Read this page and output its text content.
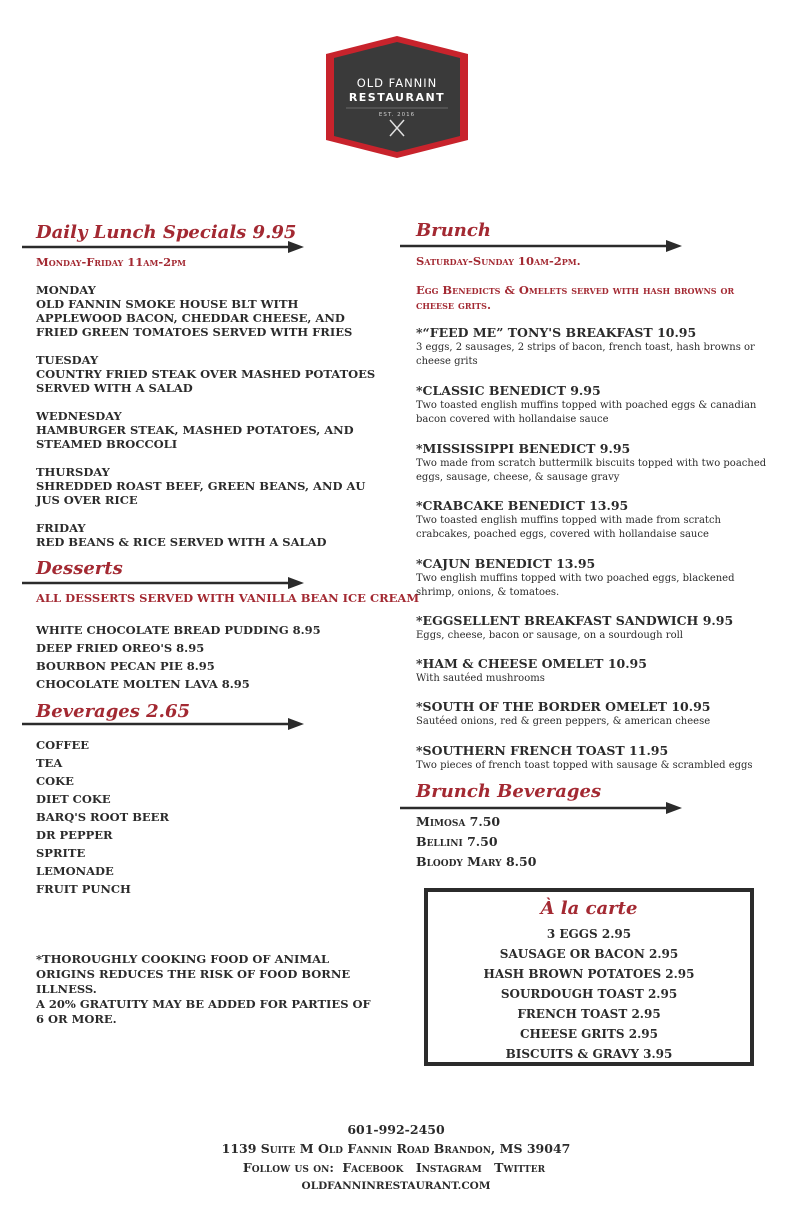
OLD FANNIN
RESTAURANT
EST. 2016
Daily Lunch Specials 9.95
Monday-Friday 11am-2pm
MONDAY
OLD FANNIN SMOKE HOUSE BLT WITH APPLEWOOD BACON, CHEDDAR CHEESE, AND FRIED GREEN TOMATOES SERVED WITH FRIES
TUESDAY
COUNTRY FRIED STEAK OVER MASHED POTATOES SERVED WITH A SALAD
WEDNESDAY
HAMBURGER STEAK, MASHED POTATOES, AND STEAMED BROCCOLI
THURSDAY
SHREDDED ROAST BEEF, GREEN BEANS, AND AU JUS OVER RICE
FRIDAY
RED BEANS & RICE SERVED WITH A SALAD
Desserts
ALL DESSERTS SERVED WITH VANILLA BEAN ICE CREAM
WHITE CHOCOLATE BREAD PUDDING 8.95
DEEP FRIED OREO'S 8.95
BOURBON PECAN PIE 8.95
CHOCOLATE MOLTEN LAVA 8.95
Beverages 2.65
COFFEE
TEA
COKE
DIET COKE
BARQ'S ROOT BEER
DR PEPPER
SPRITE
LEMONADE
FRUIT PUNCH
*THOROUGHLY COOKING FOOD OF ANIMAL ORIGINS REDUCES THE RISK OF FOOD BORNE ILLNESS.
A 20% GRATUITY MAY BE ADDED FOR PARTIES OF 6 OR MORE.
Brunch
Saturday-Sunday 10am-2pm.
Egg Benedicts & Omelets served with hash browns or cheese grits.
*“FEED ME” TONY'S BREAKFAST 10.95
3 eggs, 2 sausages, 2 strips of bacon, french toast, hash browns or cheese grits
*CLASSIC BENEDICT 9.95
Two toasted english muffins topped with poached eggs & canadian bacon covered with hollandaise sauce
*MISSISSIPPI BENEDICT 9.95
Two made from scratch buttermilk biscuits topped with two poached eggs, sausage, cheese, & sausage gravy
*CRABCAKE BENEDICT 13.95
Two toasted english muffins topped with made from scratch crabcakes, poached eggs, covered with hollandaise sauce
*CAJUN BENEDICT 13.95
Two english muffins topped with two poached eggs, blackened shrimp, onions, & tomatoes.
*EGGSELLENT BREAKFAST SANDWICH 9.95
Eggs, cheese, bacon or sausage, on a sourdough roll
*HAM & CHEESE OMELET 10.95
With sautéed mushrooms
*SOUTH OF THE BORDER OMELET 10.95
Sautéed onions, red & green peppers, & american cheese
*SOUTHERN FRENCH TOAST 11.95
Two pieces of french toast topped with sausage & scrambled eggs
Brunch Beverages
Mimosa 7.50
Bellini 7.50
Bloody Mary 8.50
À la carte
3 EGGS 2.95
SAUSAGE OR BACON 2.95
HASH BROWN POTATOES 2.95
SOURDOUGH TOAST 2.95
FRENCH TOAST 2.95
CHEESE GRITS 2.95
BISCUITS & GRAVY 3.95
601-992-2450
1139 Suite M Old Fannin Road Brandon, MS 39047
Follow us on: Facebook Instagram Twitter
OLDFANNINRESTAURANT.COM
